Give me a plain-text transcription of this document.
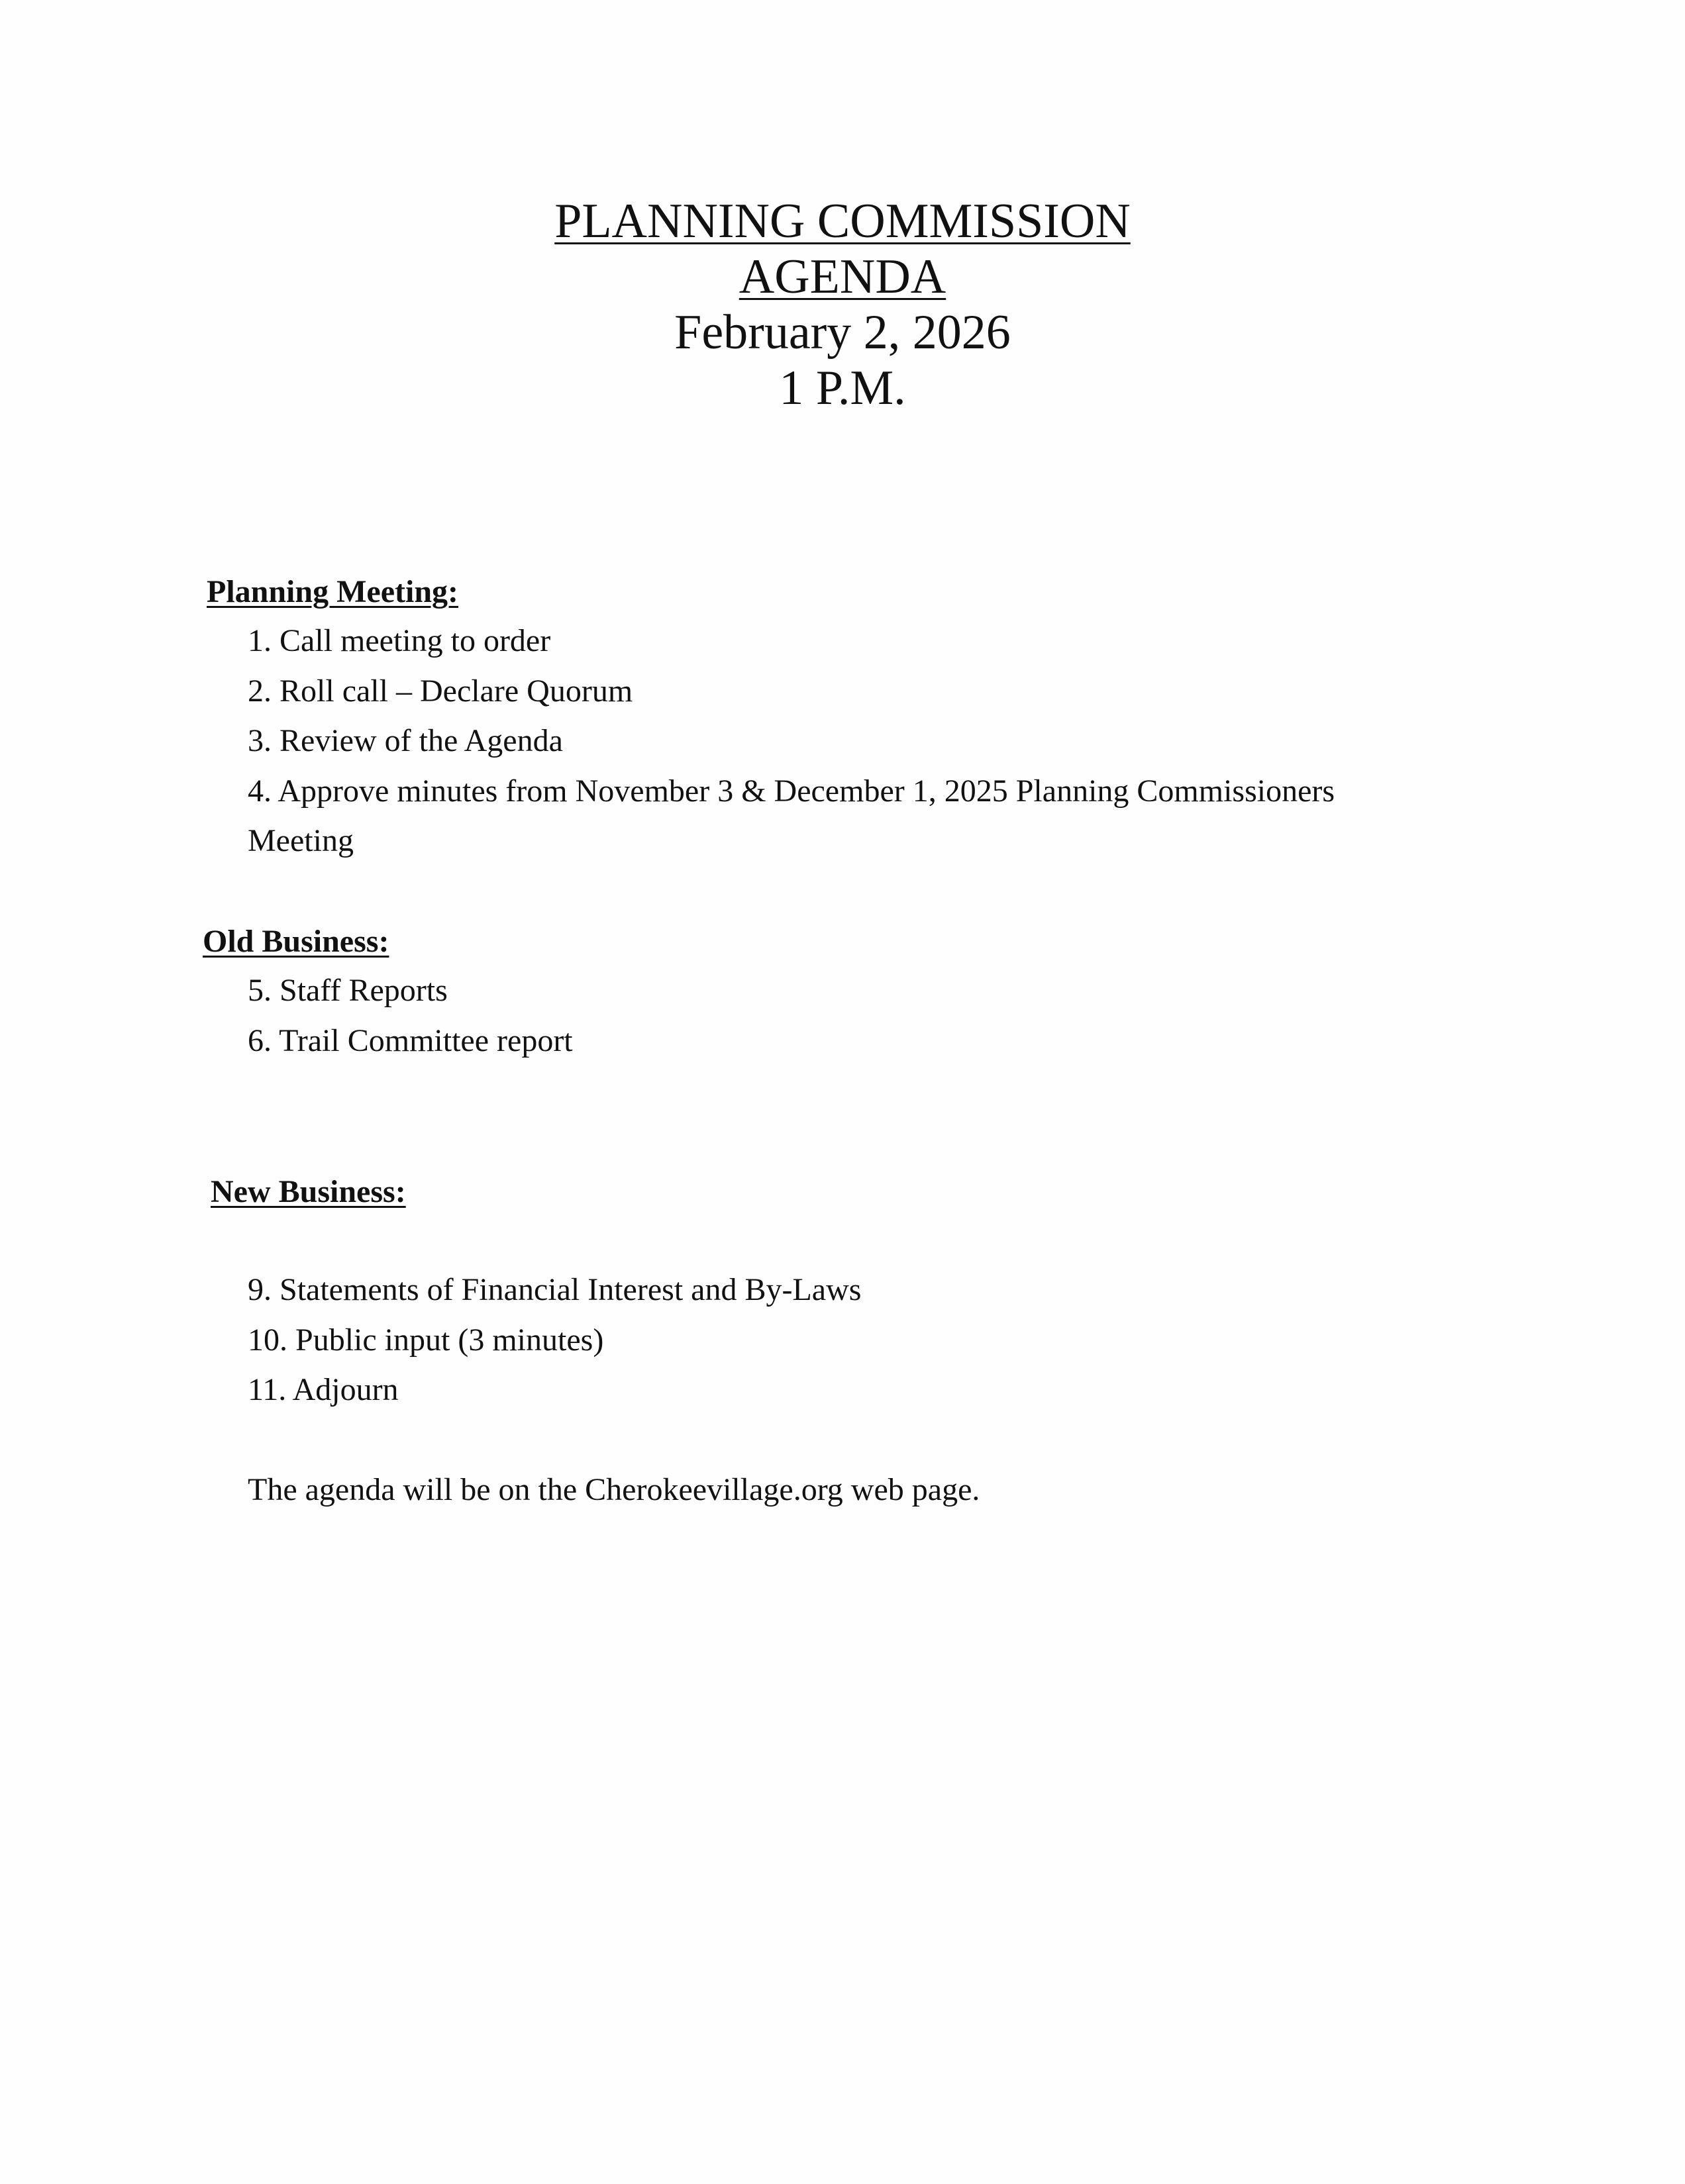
PLANNING COMMISSION
AGENDA
February 2, 2026
1 P.M.
Planning Meeting:
1. Call meeting to order
2. Roll call – Declare Quorum
3. Review of the Agenda
4. Approve minutes from November 3 & December 1, 2025 Planning Commissioners
Meeting
Old Business:
5. Staff Reports
6. Trail Committee report
New Business:
9. Statements of Financial Interest and By-Laws
10. Public input (3 minutes)
11. Adjourn
The agenda will be on the Cherokeevillage.org web page.
